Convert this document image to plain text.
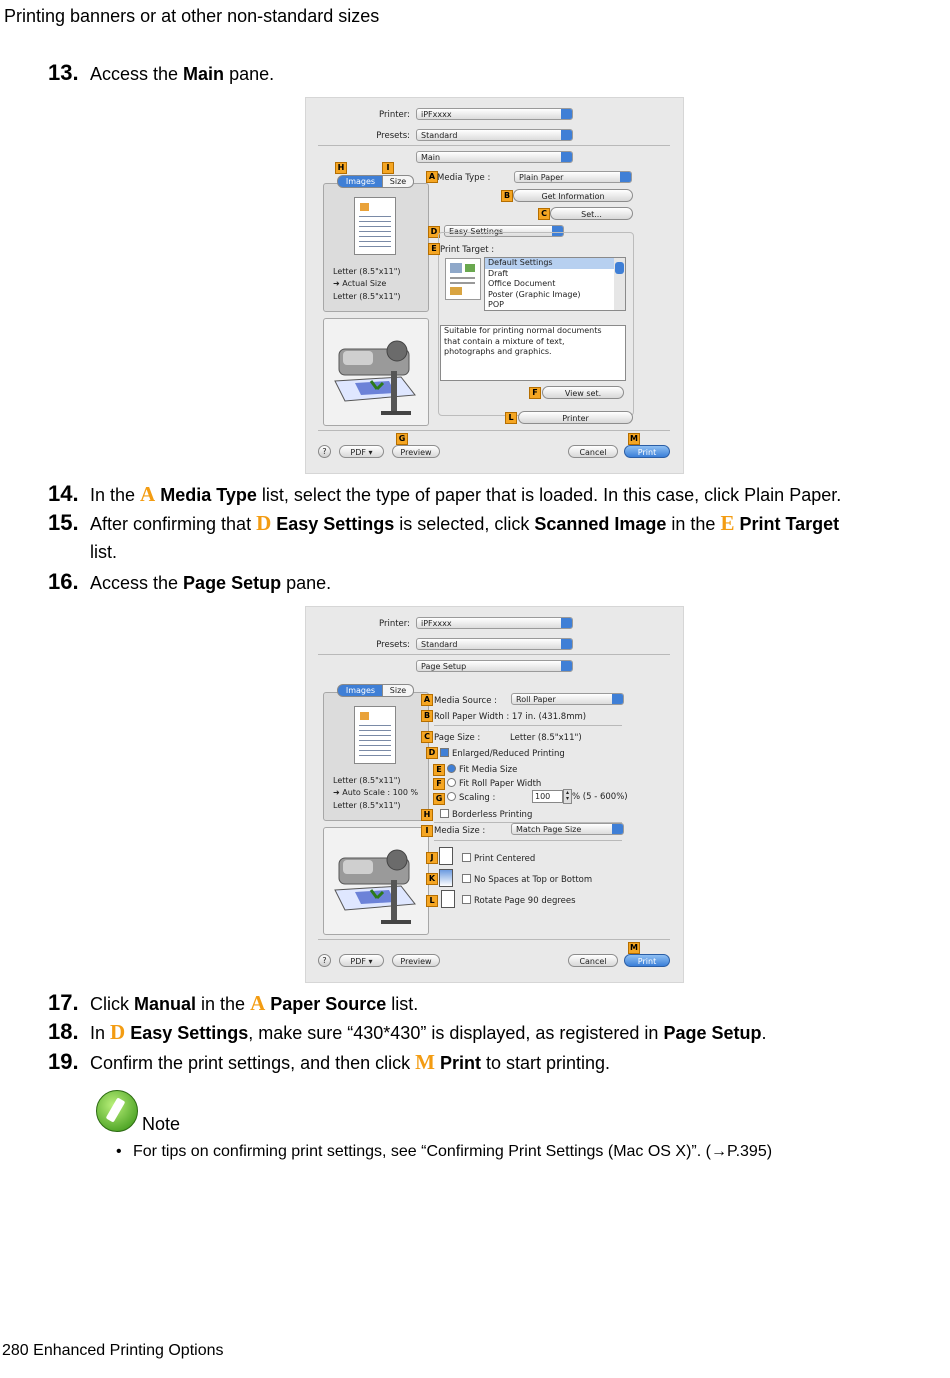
Printing banners or at other non-standard sizes
13. Access the Main pane.
Printer:	iPFxxxx
Presets:	Standard
Main
H	I
Images	Size
Letter (8.5"x11")
➜ Actual Size
Letter (8.5"x11")
A Media Type :	Plain Paper
B	Get Information
C	Set...
D	Easy Settings
E Print Target :
Default Settings
Draft
Office Document
Poster (Graphic Image)
POP
Suitable for printing normal documents that contain a mixture of text, photographs and graphics.
F	View set.
L	Printer
G	M
?	PDF ▾	Preview	Cancel	Print
14. In the A Media Type list, select the type of paper that is loaded. In this case, click Plain Paper.
15. After confirming that D Easy Settings is selected, click Scanned Image in the E Print Target
list.
16. Access the Page Setup pane.
Printer:	iPFxxxx
Presets:	Standard
Page Setup
Images	Size
Letter (8.5"x11")
➜ Auto Scale : 100 %
Letter (8.5"x11")
A Media Source :	Roll Paper
B Roll Paper Width : 17 in. (431.8mm)
C Page Size :	Letter (8.5"x11")
D	Enlarged/Reduced Printing
E	Fit Media Size
F	Fit Roll Paper Width
G	Scaling :	100	▴
▾ % (5 - 600%)
H	Borderless Printing
I Media Size :	Match Page Size
J	Print Centered
K	No Spaces at Top or Bottom
L	Rotate Page 90 degrees
M
?	PDF ▾	Preview	Cancel	Print
17. Click Manual in the A Paper Source list.
18. In D Easy Settings, make sure “430*430” is displayed, as registered in Page Setup.
19. Confirm the print settings, and then click M Print to start printing.
Note
• For tips on confirming print settings, see “Confirming Print Settings (Mac OS X)”. (→P.395)
280 Enhanced Printing Options
